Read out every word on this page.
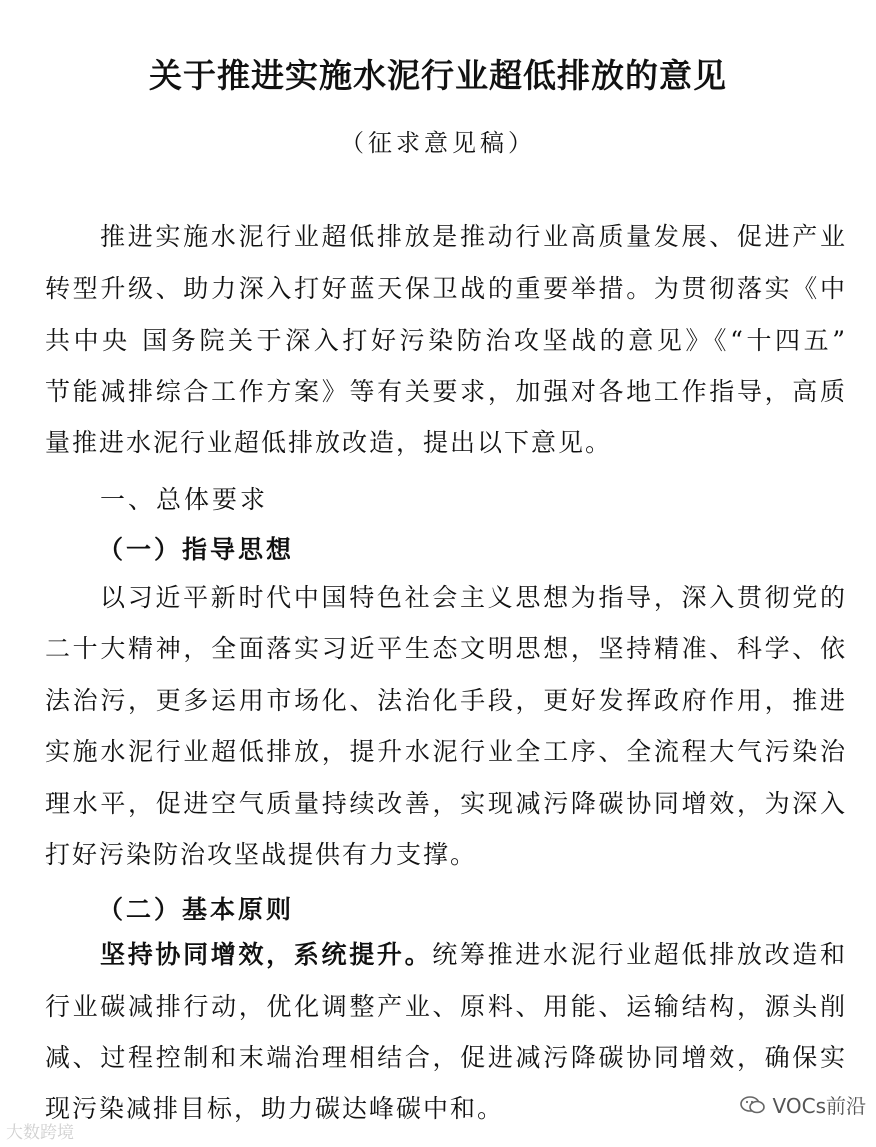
关于推进实施水泥行业超低排放的意见
（征求意见稿）
推进实施水泥行业超低排放是推动行业高质量发展、促进产业
转型升级、助力深入打好蓝天保卫战的重要举措。为贯彻落实《中
共中央 国务院关于深入打好污染防治攻坚战的意见》《“十四五”
节能减排综合工作方案》等有关要求，加强对各地工作指导，高质
量推进水泥行业超低排放改造，提出以下意见。
一、总体要求
（一）指导思想
以习近平新时代中国特色社会主义思想为指导，深入贯彻党的
二十大精神，全面落实习近平生态文明思想，坚持精准、科学、依
法治污，更多运用市场化、法治化手段，更好发挥政府作用，推进
实施水泥行业超低排放，提升水泥行业全工序、全流程大气污染治
理水平，促进空气质量持续改善，实现减污降碳协同增效，为深入
打好污染防治攻坚战提供有力支撑。
（二）基本原则
坚持协同增效，系统提升。统筹推进水泥行业超低排放改造和
行业碳减排行动，优化调整产业、原料、用能、运输结构，源头削
减、过程控制和末端治理相结合，促进减污降碳协同增效，确保实
现污染减排目标，助力碳达峰碳中和。
大数跨境
VOCs前沿
